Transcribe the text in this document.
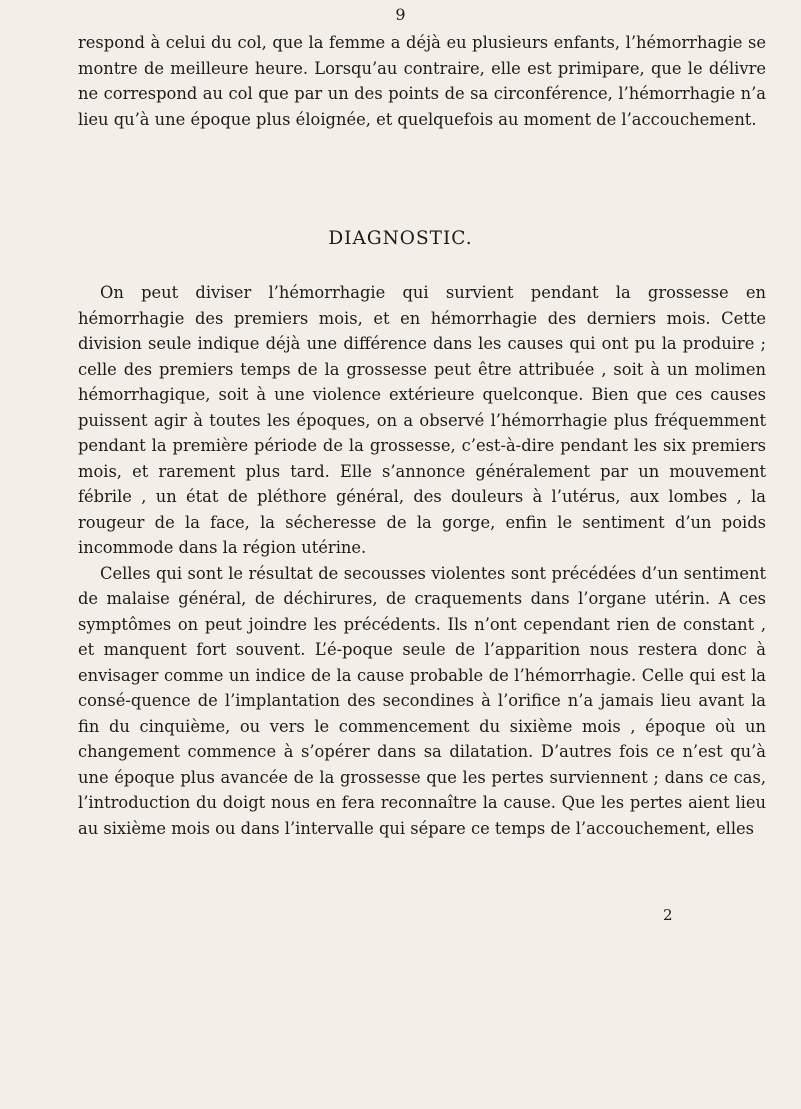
9

respond à celui du col, que la femme a déjà eu plusieurs enfants, l’hémorrhagie se montre de meilleure heure. Lorsqu’au contraire, elle est primipare, que le délivre ne correspond au col que par un des points de sa circonférence, l’hémorrhagie n’a lieu qu’à une époque plus éloignée, et quelquefois au moment de l’accouchement.

DIAGNOSTIC.

On peut diviser l’hémorrhagie qui survient pendant la grossesse en hémorrhagie des premiers mois, et en hémorrhagie des derniers mois. Cette division seule indique déjà une différence dans les causes qui ont pu la produire ; celle des premiers temps de la grossesse peut être attribuée , soit à un molimen hémorrhagique, soit à une violence extérieure quelconque. Bien que ces causes puissent agir à toutes les époques, on a observé l’hémorrhagie plus fréquemment pendant la première période de la grossesse, c’est-à-dire pendant les six premiers mois, et rarement plus tard. Elle s’annonce généralement par un mouvement fébrile , un état de pléthore général, des douleurs à l’utérus, aux lombes , la rougeur de la face, la sécheresse de la gorge, enfin le sentiment d’un poids incommode dans la région utérine.

Celles qui sont le résultat de secousses violentes sont précédées d’un sentiment de malaise général, de déchirures, de craquements dans l’organe utérin. A ces symptômes on peut joindre les précédents. Ils n’ont cependant rien de constant , et manquent fort souvent. L’é-poque seule de l’apparition nous restera donc à envisager comme un indice de la cause probable de l’hémorrhagie. Celle qui est la consé-quence de l’implantation des secondines à l’orifice n’a jamais lieu avant la fin du cinquième, ou vers le commencement du sixième mois , époque où un changement commence à s’opérer dans sa dilatation. D’autres fois ce n’est qu’à une époque plus avancée de la grossesse que les pertes surviennent ; dans ce cas, l’introduction du doigt nous en fera reconnaître la cause. Que les pertes aient lieu au sixième mois ou dans l’intervalle qui sépare ce temps de l’accouchement, elles

2
